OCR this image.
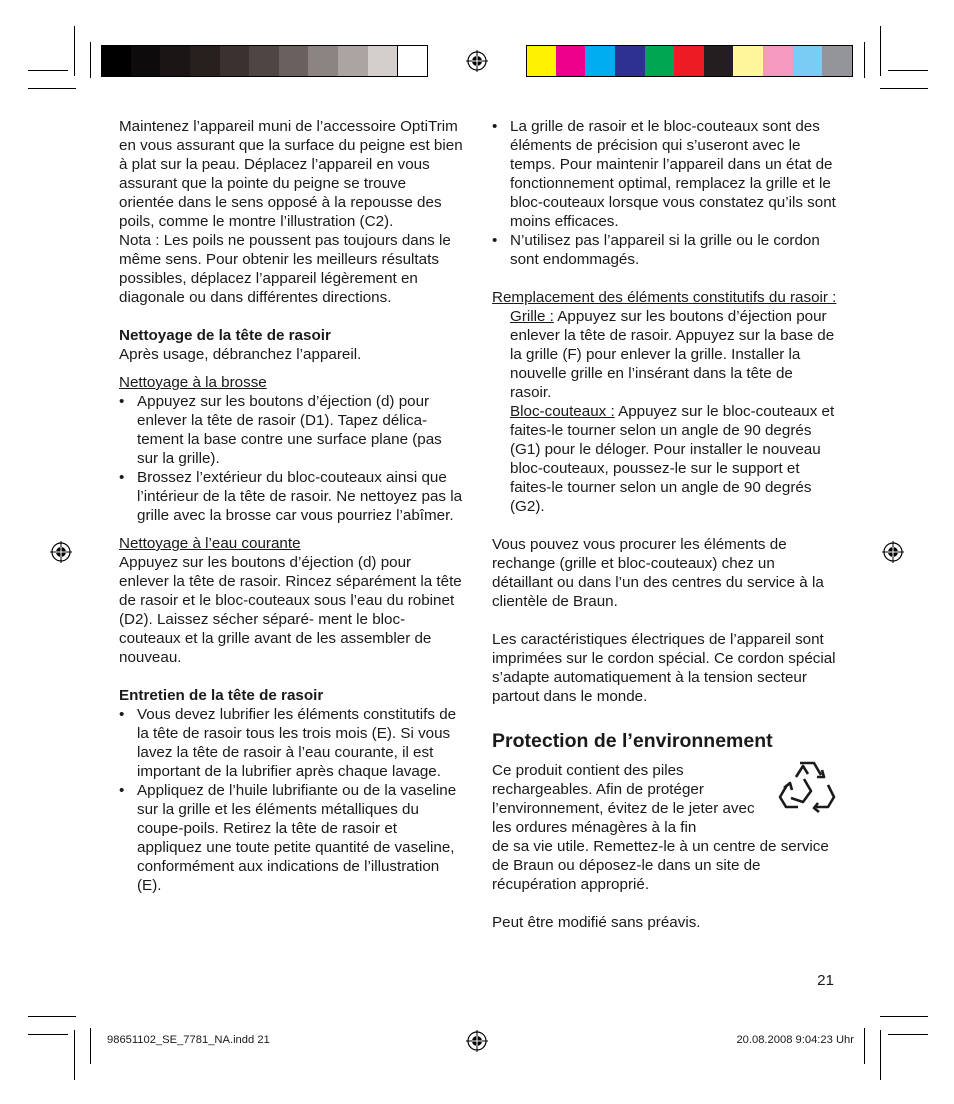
Maintenez l’appareil muni de l’accessoire OptiTrim en vous assurant que la surface du peigne est bien à plat sur la peau. Déplacez l’appareil en vous assurant que la pointe du peigne se trouve orientée dans le sens opposé à la repousse des poils, comme le montre l’illustration (C2).

Nota : Les poils ne poussent pas toujours dans le même sens. Pour obtenir les meilleurs résultats possibles, déplacez l’appareil légèrement en diagonale ou dans différentes directions.

Nettoyage de la tête de rasoir

Après usage, débranchez l’appareil.

Nettoyage à la brosse

• Appuyez sur les boutons d’éjection (d) pour enlever la tête de rasoir (D1). Tapez délica- tement la base contre une surface plane (pas sur la grille).
• Brossez l’extérieur du bloc-couteaux ainsi que l’intérieur de la tête de rasoir. Ne nettoyez pas la grille avec la brosse car vous pourriez l’abîmer.

Nettoyage à l’eau courante

Appuyez sur les boutons d’éjection (d) pour enlever la tête de rasoir. Rincez séparément la tête de rasoir et le bloc-couteaux sous l’eau du robinet (D2). Laissez sécher séparé- ment le bloc-couteaux et la grille avant de les assembler de nouveau.

Entretien de la tête de rasoir

• Vous devez lubrifier les éléments constitutifs de la tête de rasoir tous les trois mois (E). Si vous lavez la tête de rasoir à l’eau courante, il est important de la lubrifier après chaque lavage.
• Appliquez de l’huile lubrifiante ou de la vaseline sur la grille et les éléments métalliques du coupe-poils. Retirez la tête de rasoir et appliquez une toute petite quantité de vaseline, conformément aux indications de l’illustration (E).
• La grille de rasoir et le bloc-couteaux sont des éléments de précision qui s’useront avec le temps. Pour maintenir l’appareil dans un état de fonctionnement optimal, remplacez la grille et le bloc-couteaux lorsque vous constatez qu’ils sont moins efficaces.
• N’utilisez pas l’appareil si la grille ou le cordon sont endommagés.

Remplacement des éléments constitutifs du rasoir :

Grille : Appuyez sur les boutons d’éjection pour enlever la tête de rasoir. Appuyez sur la base de la grille (F) pour enlever la grille. Installer la nouvelle grille en l’insérant dans la tête de rasoir.

Bloc-couteaux : Appuyez sur le bloc-couteaux et faites-le tourner selon un angle de 90 degrés (G1) pour le déloger. Pour installer le nouveau bloc-couteaux, poussez-le sur le support et faites-le tourner selon un angle de 90 degrés (G2).

Vous pouvez vous procurer les éléments de rechange (grille et bloc-couteaux) chez un détaillant ou dans l’un des centres du service à la clientèle de Braun.

Les caractéristiques électriques de l’appareil sont imprimées sur le cordon spécial. Ce cordon spécial s’adapte automatiquement à la tension secteur partout dans le monde.

Protection de l’environnement

Ce produit contient des piles rechargeables. Afin de protéger l’environnement, évitez de le jeter avec les ordures ménagères à la fin

de sa vie utile. Remettez-le à un centre de service de Braun ou déposez-le dans un site de récupération approprié.

Peut être modifié sans préavis.

21
98651102_SE_7781_NA.indd 21	20.08.2008 9:04:23 Uhr
